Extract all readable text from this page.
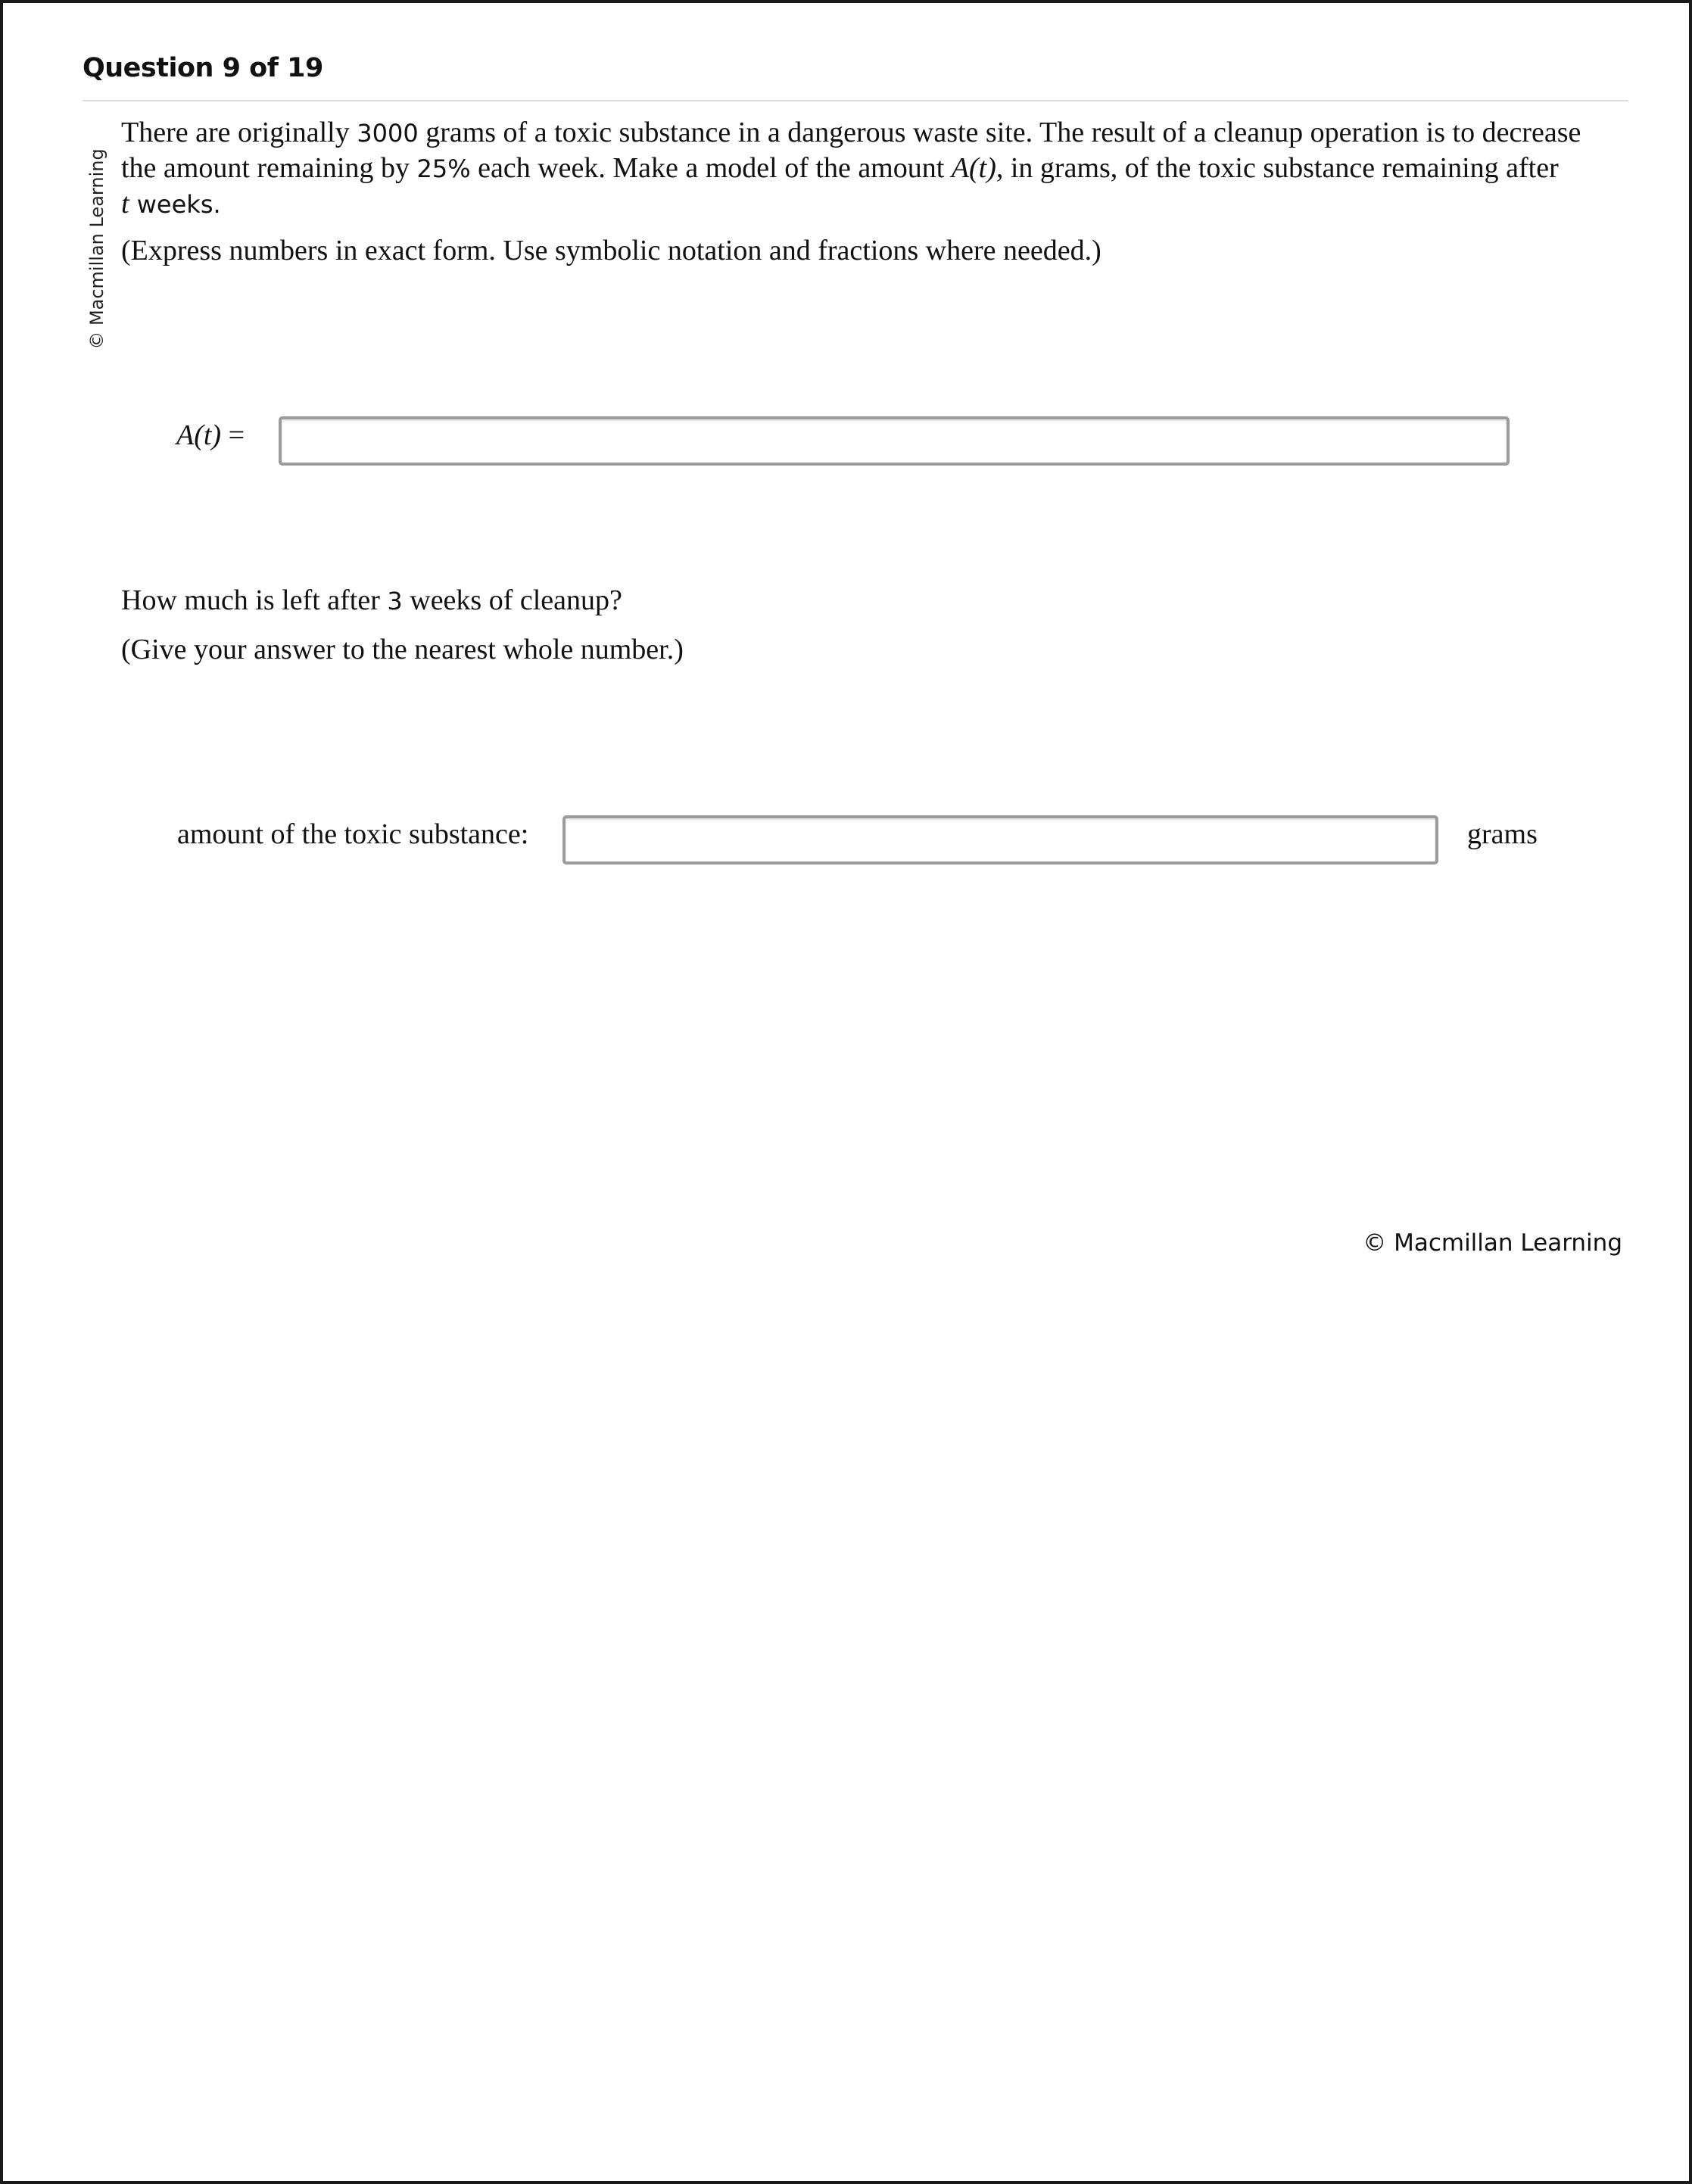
Question 9 of 19
© Macmillan Learning

There are originally 3000 grams of a toxic substance in a dangerous waste site. The result of a cleanup operation is to decrease the amount remaining by 25% each week. Make a model of the amount A(t), in grams, of the toxic substance remaining after
t weeks.

(Express numbers in exact form. Use symbolic notation and fractions where needed.)
A(t) =
How much is left after 3 weeks of cleanup?
(Give your answer to the nearest whole number.)
amount of the toxic substance:	grams
© Macmillan Learning
